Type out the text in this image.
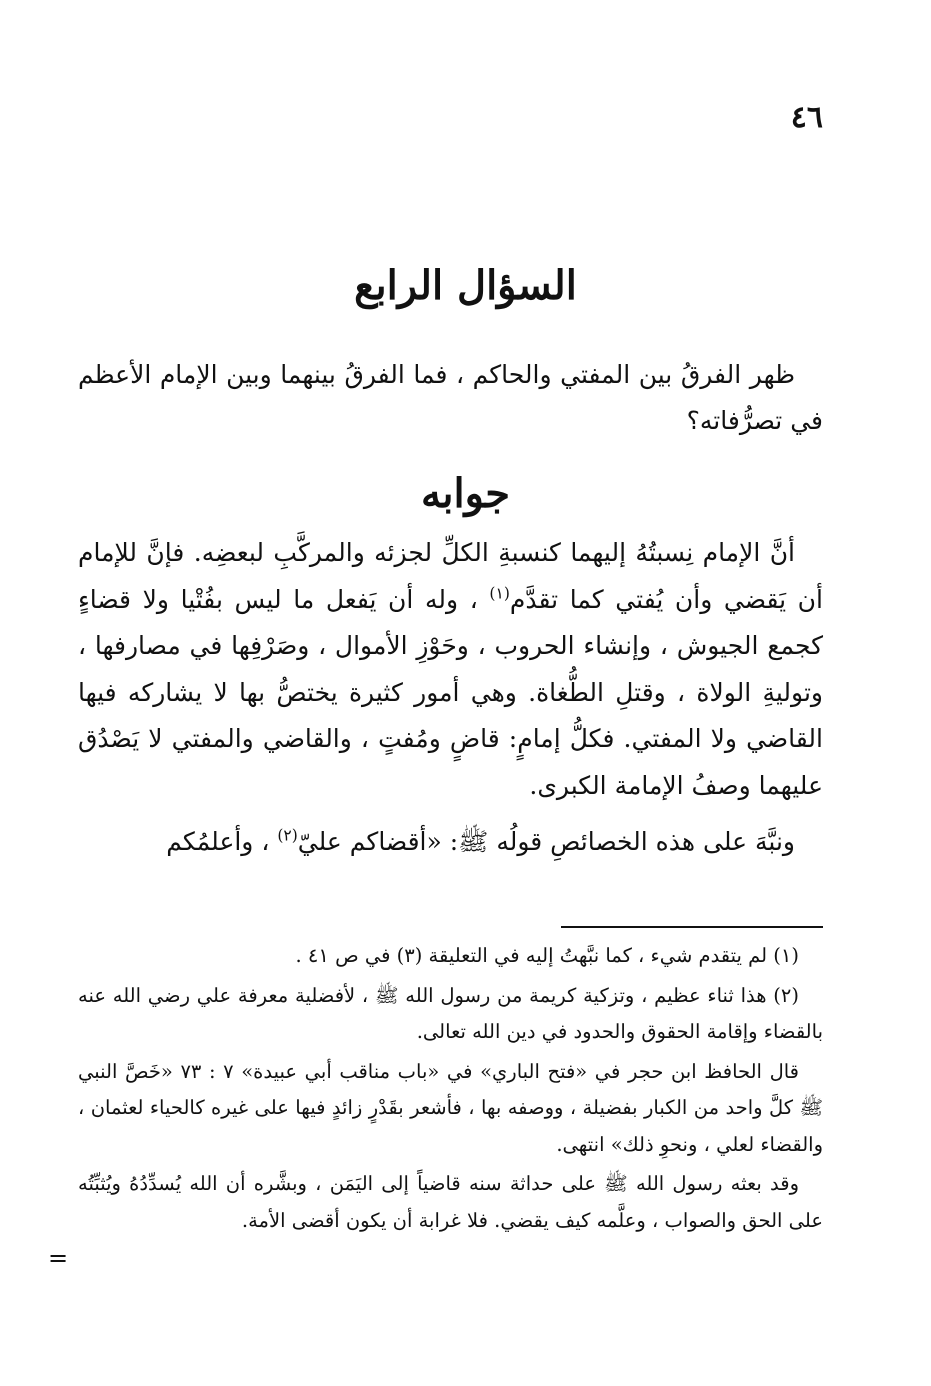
٤٦
السؤال الرابع
ظهر الفرقُ بين المفتي والحاكم ، فما الفرقُ بينهما وبين الإمام الأعظم في تصرُّفاته؟
جوابه

أنَّ الإمام نِسبتُهُ إليهما كنسبةِ الكلِّ لجزئه والمركَّبِ لبعضِه. فإنَّ للإمام أن يَقضي وأن يُفتي كما تقدَّم$^{(١)}$ ، وله أن يَفعل ما ليس بفُتْيا ولا قضاءٍ كجمع الجيوش ، وإنشاء الحروب ، وحَوْزِ الأموال ، وصَرْفِها في مصارفها ، وتوليةِ الولاة ، وقتلِ الطُّغاة. وهي أمور كثيرة يختصُّ بها لا يشاركه فيها القاضي ولا المفتي. فكلُّ إمامٍ: قاضٍ ومُفتٍ ، والقاضي والمفتي لا يَصْدُق عليهما وصفُ الإمامة الكبرى.

ونبَّهَ على هذه الخصائصِ قولُه ﷺ: «أقضاكم عليّ$^{(٢)}$ ، وأعلمُكم

(١) لم يتقدم شيء ، كما نبَّهتُ إليه في التعليقة (٣) في ص ٤١ .

(٢) هذا ثناء عظيم ، وتزكية كريمة من رسول الله ﷺ ، لأفضلية معرفة علي رضي الله عنه بالقضاء وإقامة الحقوق والحدود في دين الله تعالى.

قال الحافظ ابن حجر في «فتح الباري» في «باب مناقب أبي عبيدة» ٧ : ٧٣ «خَصَّ النبي ﷺ كلَّ واحد من الكبار بفضيلة ، ووصفه بها ، فأشعر بقَدْرٍ زائدٍ فيها على غيره كالحياء لعثمان ، والقضاء لعلي ، ونحوِ ذلك» انتهى.

وقد بعثه رسول الله ﷺ على حداثة سنه قاضياً إلى اليَمَن ، وبشَّره أن الله يُسدِّدُهُ ويُثبِّتُه على الحق والصواب ، وعلَّمه كيف يقضي. فلا غرابة أن يكون أقضى الأمة.

=
